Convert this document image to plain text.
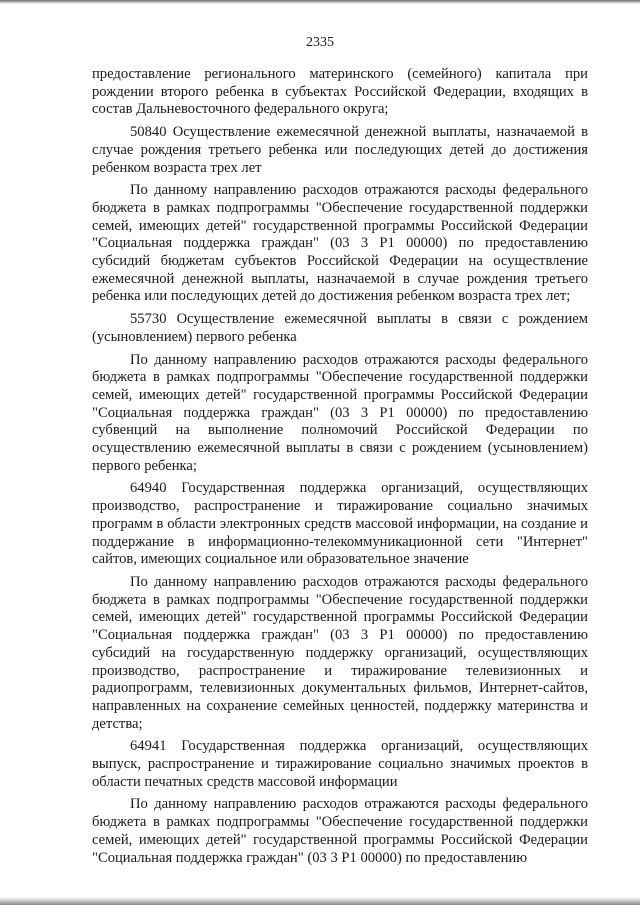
2335

предоставление регионального материнского (семейного) капитала при рождении второго ребенка в субъектах Российской Федерации, входящих в состав Дальневосточного федерального округа;

50840 Осуществление ежемесячной денежной выплаты, назначаемой в случае рождения третьего ребенка или последующих детей до достижения ребенком возраста трех лет

По данному направлению расходов отражаются расходы федерального бюджета в рамках подпрограммы "Обеспечение государственной поддержки семей, имеющих детей" государственной программы Российской Федерации "Социальная поддержка граждан" (03 3 Р1 00000) по предоставлению субсидий бюджетам субъектов Российской Федерации на осуществление ежемесячной денежной выплаты, назначаемой в случае рождения третьего ребенка или последующих детей до достижения ребенком возраста трех лет;

55730 Осуществление ежемесячной выплаты в связи с рождением (усыновлением) первого ребенка

По данному направлению расходов отражаются расходы федерального бюджета в рамках подпрограммы "Обеспечение государственной поддержки семей, имеющих детей" государственной программы Российской Федерации "Социальная поддержка граждан" (03 3 Р1 00000) по предоставлению субвенций на выполнение полномочий Российской Федерации по осуществлению ежемесячной выплаты в связи с рождением (усыновлением) первого ребенка;

64940 Государственная поддержка организаций, осуществляющих производство, распространение и тиражирование социально значимых программ в области электронных средств массовой информации, на создание и поддержание в информационно-телекоммуникационной сети "Интернет" сайтов, имеющих социальное или образовательное значение

По данному направлению расходов отражаются расходы федерального бюджета в рамках подпрограммы "Обеспечение государственной поддержки семей, имеющих детей" государственной программы Российской Федерации "Социальная поддержка граждан" (03 3 Р1 00000) по предоставлению субсидий на государственную поддержку организаций, осуществляющих производство, распространение и тиражирование телевизионных и радиопрограмм, телевизионных документальных фильмов, Интернет-сайтов, направленных на сохранение семейных ценностей, поддержку материнства и детства;

64941 Государственная поддержка организаций, осуществляющих выпуск, распространение и тиражирование социально значимых проектов в области печатных средств массовой информации

По данному направлению расходов отражаются расходы федерального бюджета в рамках подпрограммы "Обеспечение государственной поддержки семей, имеющих детей" государственной программы Российской Федерации "Социальная поддержка граждан" (03 3 Р1 00000) по предоставлению
